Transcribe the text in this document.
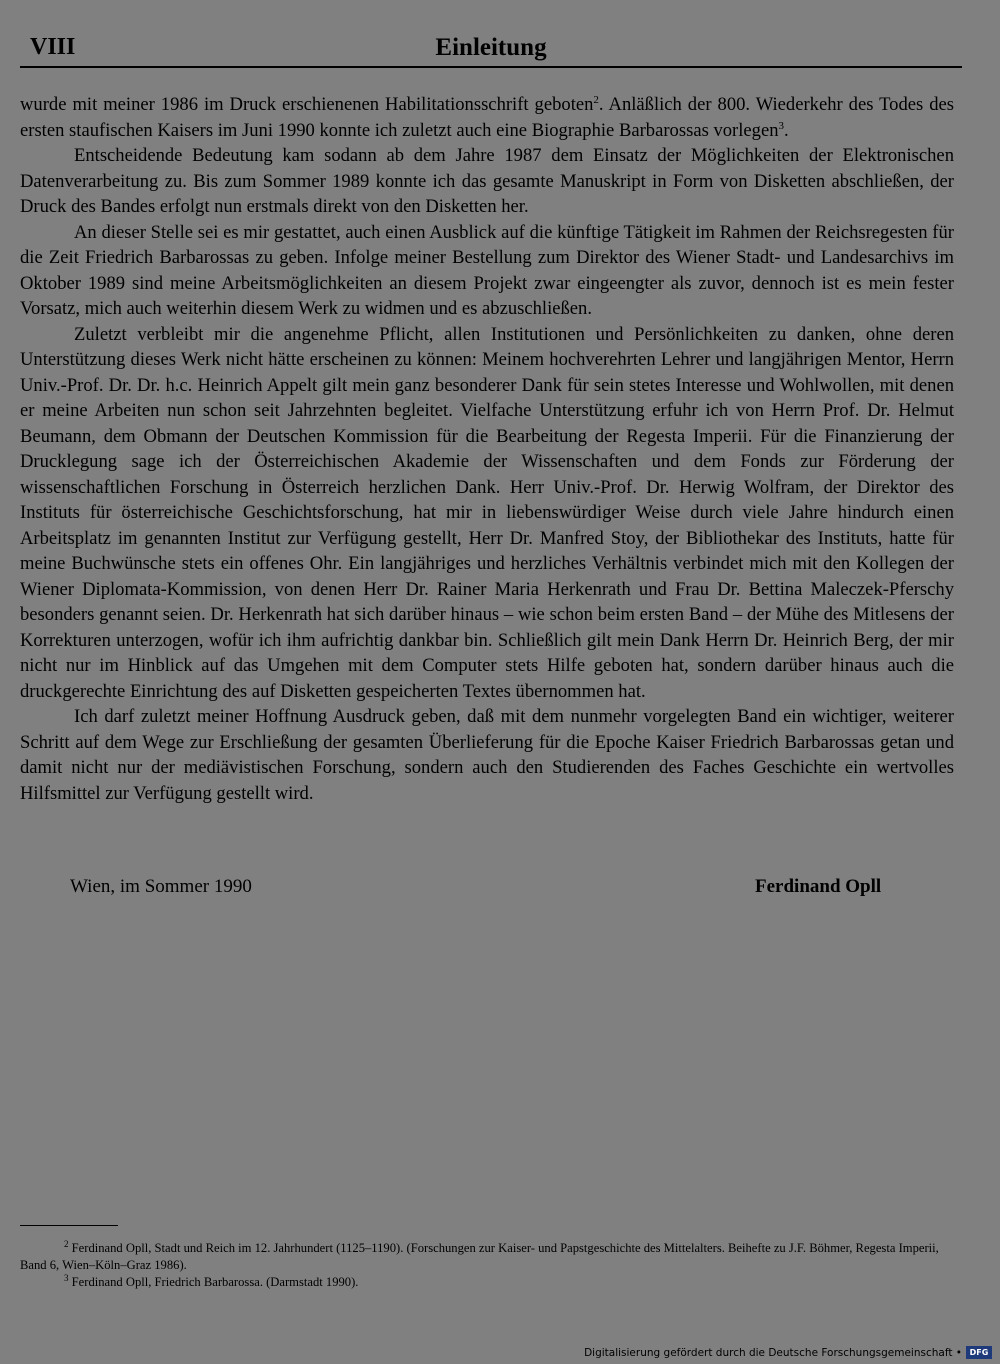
VIII	Einleitung

wurde mit meiner 1986 im Druck erschienenen Habilitationsschrift geboten$^2$. Anläßlich der 800. Wiederkehr des Todes des ersten staufischen Kaisers im Juni 1990 konnte ich zuletzt auch eine Biographie Barbarossas vorlegen$^3$.

Entscheidende Bedeutung kam sodann ab dem Jahre 1987 dem Einsatz der Möglichkeiten der Elektronischen Datenverarbeitung zu. Bis zum Sommer 1989 konnte ich das gesamte Manuskript in Form von Disketten abschließen, der Druck des Bandes erfolgt nun erstmals direkt von den Disketten her.

An dieser Stelle sei es mir gestattet, auch einen Ausblick auf die künftige Tätigkeit im Rahmen der Reichsregesten für die Zeit Friedrich Barbarossas zu geben. Infolge meiner Bestellung zum Direktor des Wiener Stadt- und Landesarchivs im Oktober 1989 sind meine Arbeitsmöglichkeiten an diesem Projekt zwar eingeengter als zuvor, dennoch ist es mein fester Vorsatz, mich auch weiterhin diesem Werk zu widmen und es abzuschließen.

Zuletzt verbleibt mir die angenehme Pflicht, allen Institutionen und Persönlichkeiten zu danken, ohne deren Unterstützung dieses Werk nicht hätte erscheinen zu können: Meinem hochverehrten Lehrer und langjährigen Mentor, Herrn Univ.-Prof. Dr. Dr. h.c. Heinrich Appelt gilt mein ganz besonderer Dank für sein stetes Interesse und Wohlwollen, mit denen er meine Arbeiten nun schon seit Jahrzehnten begleitet. Vielfache Unterstützung erfuhr ich von Herrn Prof. Dr. Helmut Beumann, dem Obmann der Deutschen Kommission für die Bearbeitung der Regesta Imperii. Für die Finanzierung der Drucklegung sage ich der Österreichischen Akademie der Wissenschaften und dem Fonds zur Förderung der wissenschaftlichen Forschung in Österreich herzlichen Dank. Herr Univ.-Prof. Dr. Herwig Wolfram, der Direktor des Instituts für österreichische Geschichtsforschung, hat mir in liebenswürdiger Weise durch viele Jahre hindurch einen Arbeitsplatz im genannten Institut zur Verfügung gestellt, Herr Dr. Manfred Stoy, der Bibliothekar des Instituts, hatte für meine Buchwünsche stets ein offenes Ohr. Ein langjähriges und herzliches Verhältnis verbindet mich mit den Kollegen der Wiener Diplomata-Kommission, von denen Herr Dr. Rainer Maria Herkenrath und Frau Dr. Bettina Maleczek-Pferschy besonders genannt seien. Dr. Herkenrath hat sich darüber hinaus – wie schon beim ersten Band – der Mühe des Mitlesens der Korrekturen unterzogen, wofür ich ihm aufrichtig dankbar bin. Schließlich gilt mein Dank Herrn Dr. Heinrich Berg, der mir nicht nur im Hinblick auf das Umgehen mit dem Computer stets Hilfe geboten hat, sondern darüber hinaus auch die druckgerechte Einrichtung des auf Disketten gespeicherten Textes übernommen hat.

Ich darf zuletzt meiner Hoffnung Ausdruck geben, daß mit dem nunmehr vorgelegten Band ein wichtiger, weiterer Schritt auf dem Wege zur Erschließung der gesamten Überlieferung für die Epoche Kaiser Friedrich Barbarossas getan und damit nicht nur der mediävistischen Forschung, sondern auch den Studierenden des Faches Geschichte ein wertvolles Hilfsmittel zur Verfügung gestellt wird.

Wien, im Sommer 1990	Ferdinand Opll

$^2$ Ferdinand Opll, Stadt und Reich im 12. Jahrhundert (1125–1190). (Forschungen zur Kaiser- und Papstgeschichte des Mittelalters. Beihefte zu J.F. Böhmer, Regesta Imperii, Band 6, Wien–Köln–Graz 1986).

$^3$ Ferdinand Opll, Friedrich Barbarossa. (Darmstadt 1990).

Digitalisierung gefördert durch die Deutsche Forschungsgemeinschaft • DFG
